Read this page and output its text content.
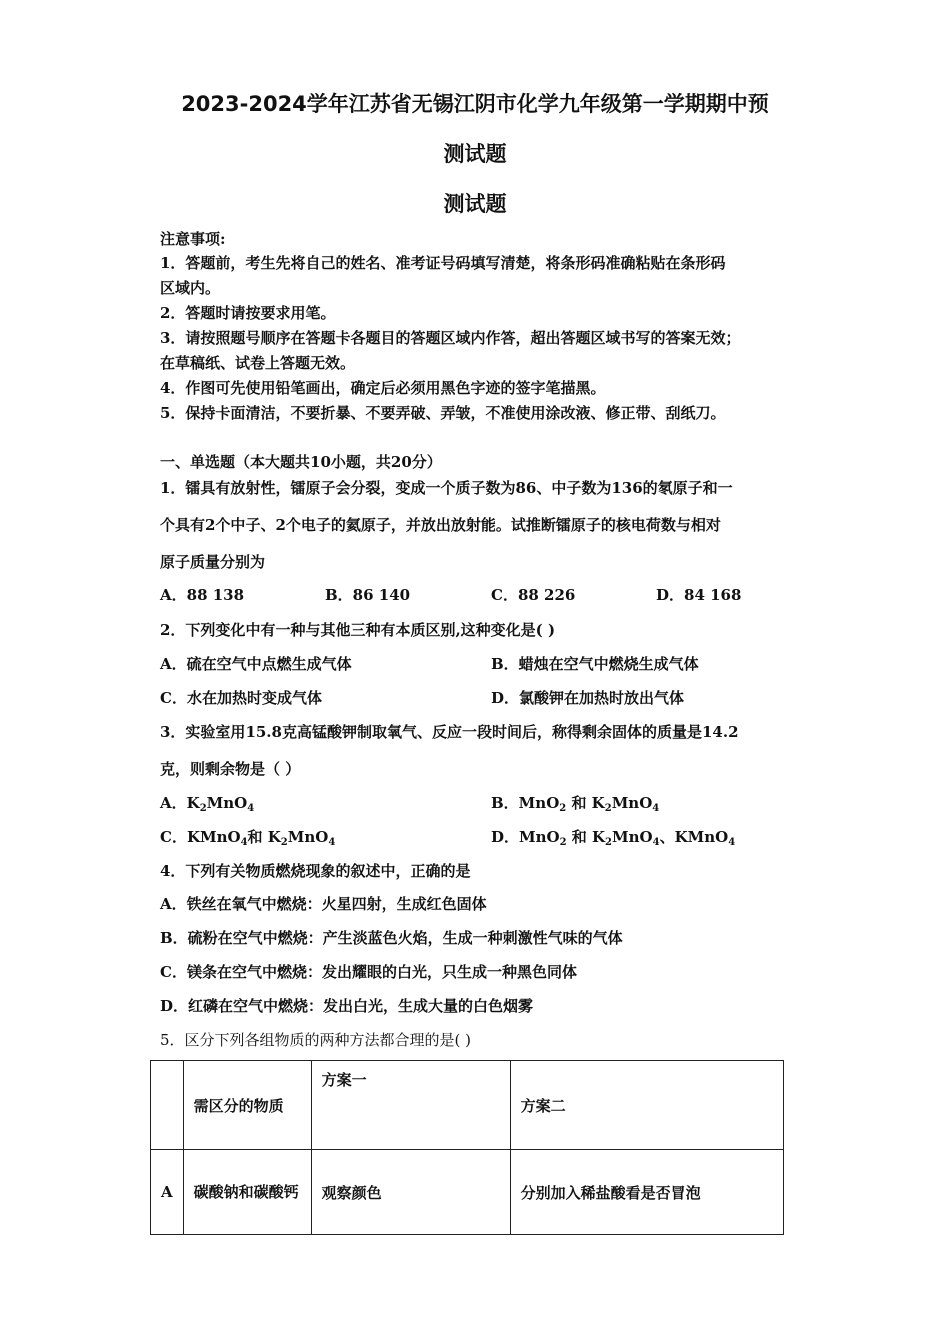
2023-2024学年江苏省无锡江阴市化学九年级第一学期期中预
测试题
测试题
注意事项:
1．答题前，考生先将自己的姓名、准考证号码填写清楚，将条形码准确粘贴在条形码
区域内。
2．答题时请按要求用笔。
3．请按照题号顺序在答题卡各题目的答题区域内作答，超出答题区域书写的答案无效；
在草稿纸、试卷上答题无效。
4．作图可先使用铅笔画出，确定后必须用黑色字迹的签字笔描黑。
5．保持卡面清洁，不要折暴、不要弄破、弄皱，不准使用涂改液、修正带、刮纸刀。
一、单选题（本大题共10小题，共20分）
1．镭具有放射性，镭原子会分裂，变成一个质子数为86、中子数为136的氡原子和一
个具有2个中子、2个电子的氦原子，并放出放射能。试推断镭原子的核电荷数与相对
原子质量分别为
A．88 138	B．86 140	C．88 226	D．84 168
2．下列变化中有一种与其他三种有本质区别,这种变化是( )
A．硫在空气中点燃生成气体	B．蜡烛在空气中燃烧生成气体
C．水在加热时变成气体	D．氯酸钾在加热时放出气体
3．实验室用15.8克高锰酸钾制取氧气、反应一段时间后，称得剩余固体的质量是14.2
克，则剩余物是（ ）
A．$K_2MnO_4$	B．MnO$_2$ 和 $K_2MnO_4$
C．KMnO$_4$和 $K_2MnO_4$	D．MnO$_2$ 和 $K_2MnO_4$、KMnO$_4$
4．下列有关物质燃烧现象的叙述中，正确的是
A．铁丝在氧气中燃烧：火星四射，生成红色固体
B．硫粉在空气中燃烧：产生淡蓝色火焰，生成一种刺激性气味的气体
C．镁条在空气中燃烧：发出耀眼的白光，只生成一种黑色同体
D．红磷在空气中燃烧：发出白光，生成大量的白色烟雾
5．区分下列各组物质的两种方法都合理的是( )
	需区分的物质	方案一	方案二
A	碳酸钠和碳酸钙	观察颜色	分别加入稀盐酸看是否冒泡
